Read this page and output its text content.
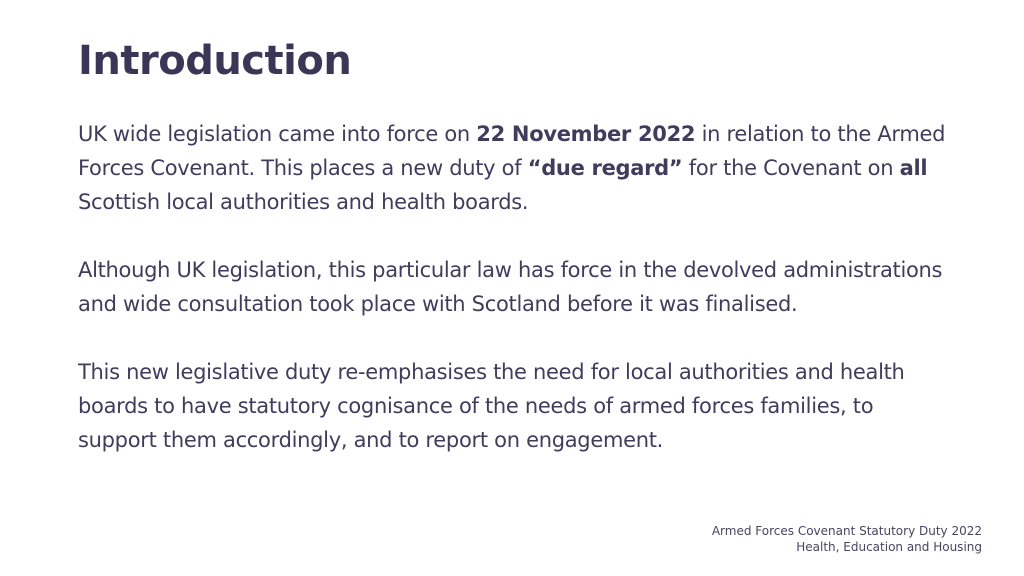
Introduction

UK wide legislation came into force on 22 November 2022 in relation to the Armed Forces Covenant. This places a new duty of “due regard” for the Covenant on all Scottish local authorities and health boards.

Although UK legislation, this particular law has force in the devolved administrations and wide consultation took place with Scotland before it was finalised.

This new legislative duty re-emphasises the need for local authorities and health boards to have statutory cognisance of the needs of armed forces families, to support them accordingly, and to report on engagement.

Armed Forces Covenant Statutory Duty 2022
Health, Education and Housing
